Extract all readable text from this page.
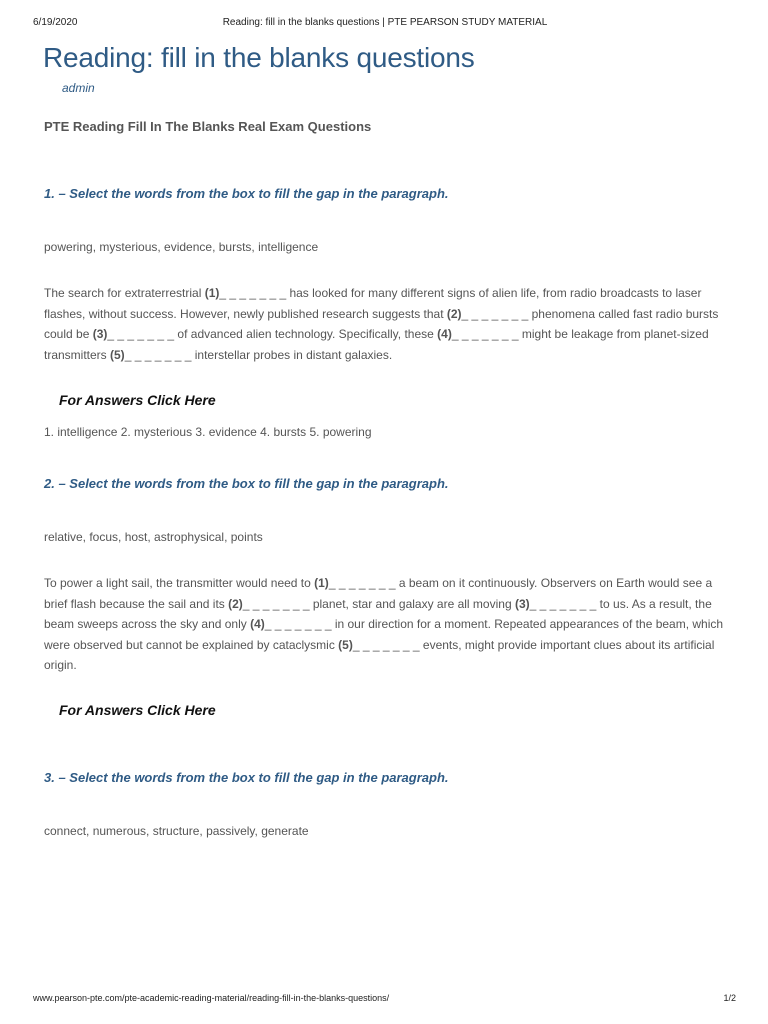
6/19/2020	Reading: fill in the blanks questions | PTE PEARSON STUDY MATERIAL
Reading: fill in the blanks questions
admin
PTE Reading Fill In The Blanks Real Exam Questions
1. – Select the words from the box to fill the gap in the paragraph.
powering, mysterious, evidence, bursts, intelligence

The search for extraterrestrial (1)_ _ _ _ _ _ _ has looked for many different signs of alien life, from radio broadcasts to laser flashes, without success. However, newly published research suggests that (2)_ _ _ _ _ _ _ phenomena called fast radio bursts could be (3)_ _ _ _ _ _ _ of advanced alien technology. Specifically, these (4)_ _ _ _ _ _ _ might be leakage from planet-sized transmitters (5)_ _ _ _ _ _ _ interstellar probes in distant galaxies.

For Answers Click Here
1. intelligence 2. mysterious 3. evidence 4. bursts 5. powering
2. – Select the words from the box to fill the gap in the paragraph.
relative, focus, host, astrophysical, points

To power a light sail, the transmitter would need to (1)_ _ _ _ _ _ _ a beam on it continuously. Observers on Earth would see a brief flash because the sail and its (2)_ _ _ _ _ _ _ planet, star and galaxy are all moving (3)_ _ _ _ _ _ _ to us. As a result, the beam sweeps across the sky and only (4)_ _ _ _ _ _ _ in our direction for a moment. Repeated appearances of the beam, which were observed but cannot be explained by cataclysmic (5)_ _ _ _ _ _ _ events, might provide important clues about its artificial origin.

For Answers Click Here
3. – Select the words from the box to fill the gap in the paragraph.
connect, numerous, structure, passively, generate
www.pearson-pte.com/pte-academic-reading-material/reading-fill-in-the-blanks-questions/	1/2
